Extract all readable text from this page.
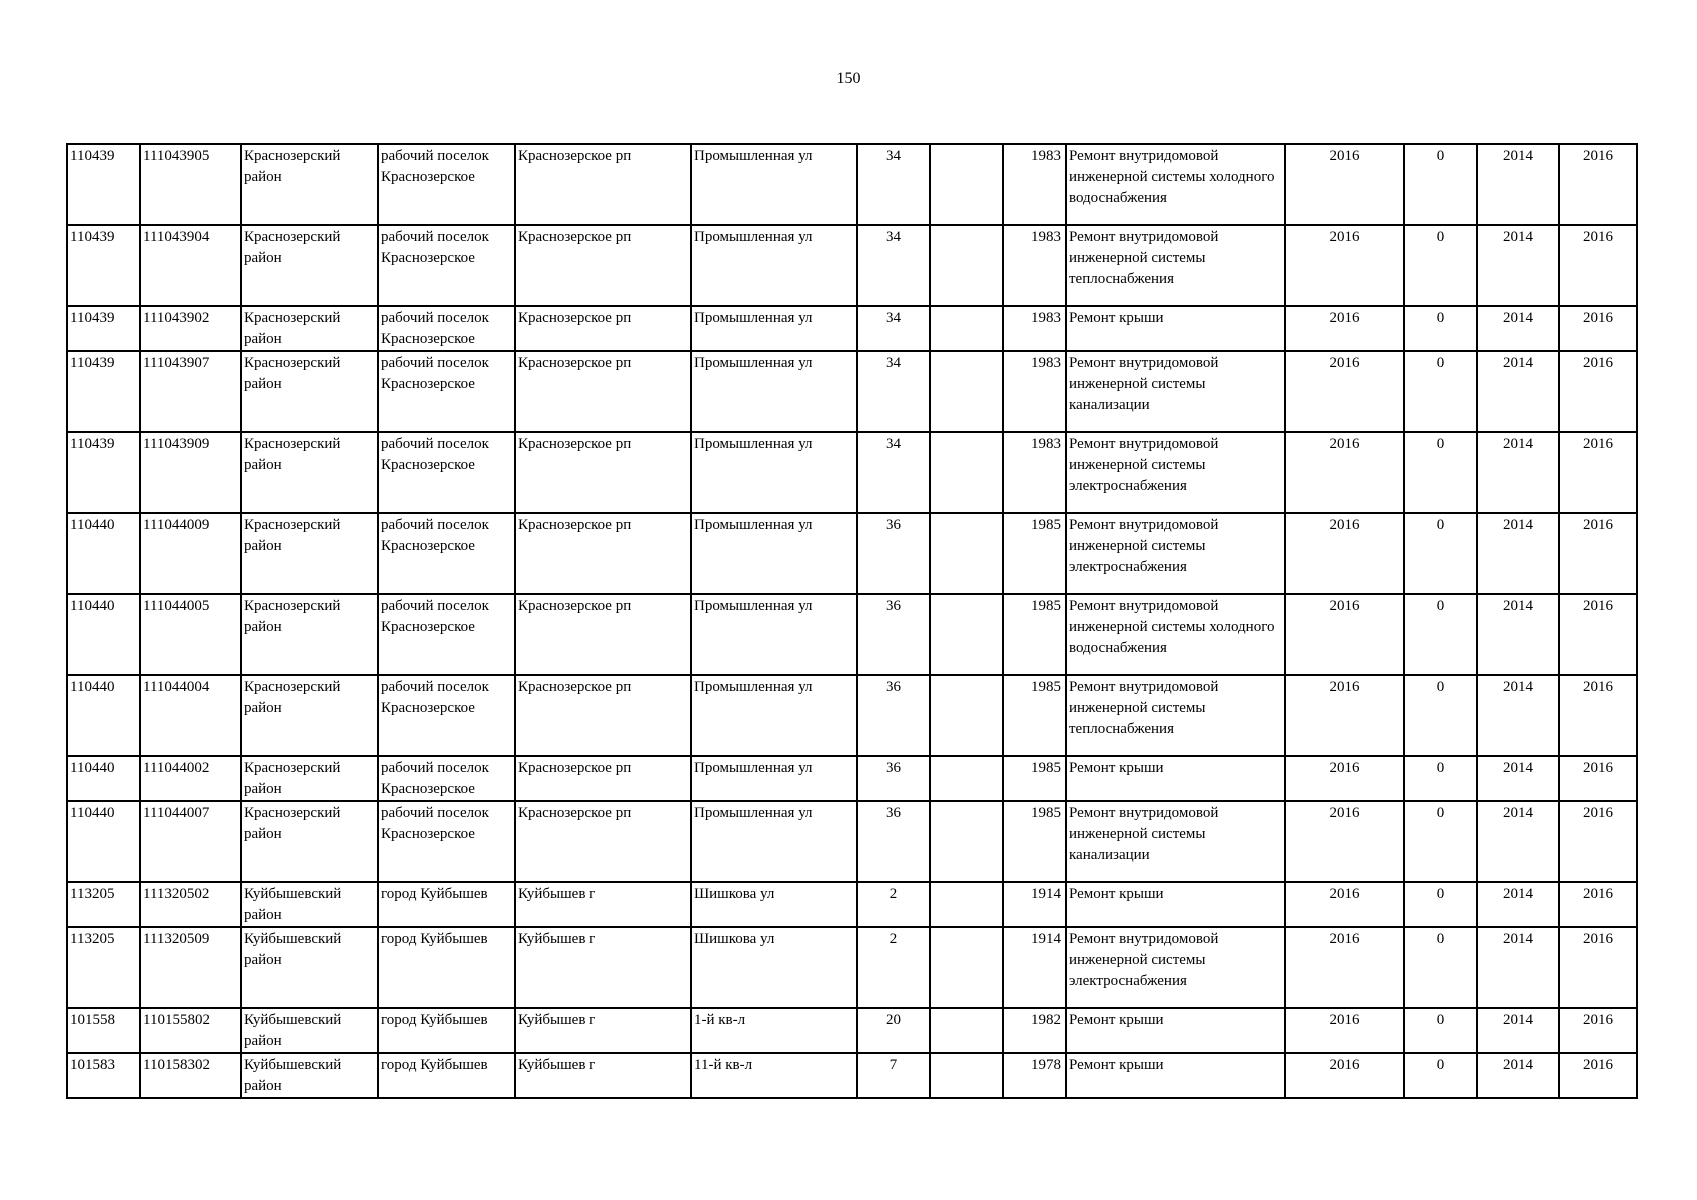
150
110439	111043905	Краснозерский район	рабочий поселок Краснозерское	Краснозерское рп	Промышленная ул	34		1983	Ремонт внутридомовой инженерной системы холодного водоснабжения	2016	0	2014	2016
110439	111043904	Краснозерский район	рабочий поселок Краснозерское	Краснозерское рп	Промышленная ул	34		1983	Ремонт внутридомовой инженерной системы теплоснабжения	2016	0	2014	2016
110439	111043902	Краснозерский район	рабочий поселок Краснозерское	Краснозерское рп	Промышленная ул	34		1983	Ремонт крыши	2016	0	2014	2016
110439	111043907	Краснозерский район	рабочий поселок Краснозерское	Краснозерское рп	Промышленная ул	34		1983	Ремонт внутридомовой инженерной системы канализации	2016	0	2014	2016
110439	111043909	Краснозерский район	рабочий поселок Краснозерское	Краснозерское рп	Промышленная ул	34		1983	Ремонт внутридомовой инженерной системы электроснабжения	2016	0	2014	2016
110440	111044009	Краснозерский район	рабочий поселок Краснозерское	Краснозерское рп	Промышленная ул	36		1985	Ремонт внутридомовой инженерной системы электроснабжения	2016	0	2014	2016
110440	111044005	Краснозерский район	рабочий поселок Краснозерское	Краснозерское рп	Промышленная ул	36		1985	Ремонт внутридомовой инженерной системы холодного водоснабжения	2016	0	2014	2016
110440	111044004	Краснозерский район	рабочий поселок Краснозерское	Краснозерское рп	Промышленная ул	36		1985	Ремонт внутридомовой инженерной системы теплоснабжения	2016	0	2014	2016
110440	111044002	Краснозерский район	рабочий поселок Краснозерское	Краснозерское рп	Промышленная ул	36		1985	Ремонт крыши	2016	0	2014	2016
110440	111044007	Краснозерский район	рабочий поселок Краснозерское	Краснозерское рп	Промышленная ул	36		1985	Ремонт внутридомовой инженерной системы канализации	2016	0	2014	2016
113205	111320502	Куйбышевский район	город Куйбышев	Куйбышев г	Шишкова ул	2		1914	Ремонт крыши	2016	0	2014	2016
113205	111320509	Куйбышевский район	город Куйбышев	Куйбышев г	Шишкова ул	2		1914	Ремонт внутридомовой инженерной системы электроснабжения	2016	0	2014	2016
101558	110155802	Куйбышевский район	город Куйбышев	Куйбышев г	1-й кв-л	20		1982	Ремонт крыши	2016	0	2014	2016
101583	110158302	Куйбышевский район	город Куйбышев	Куйбышев г	11-й кв-л	7		1978	Ремонт крыши	2016	0	2014	2016
